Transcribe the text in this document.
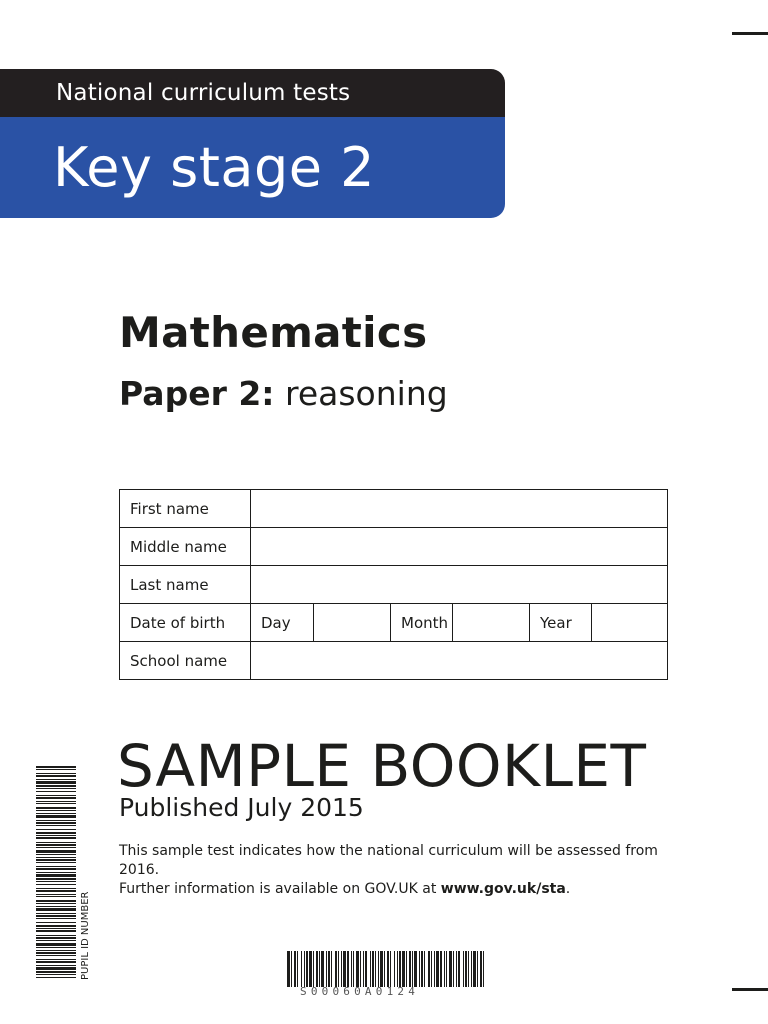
National curriculum tests
Key stage 2
Mathematics
Paper 2: reasoning
First name						
Middle name						
Last name						
Date of birth	Day		Month		Year	
School name						
PUPIL ID NUMBER
SAMPLE BOOKLET
Published July 2015
This sample test indicates how the national curriculum will be assessed from 2016.
Further information is available on GOV.UK at www.gov.uk/sta.
S00060A0124
